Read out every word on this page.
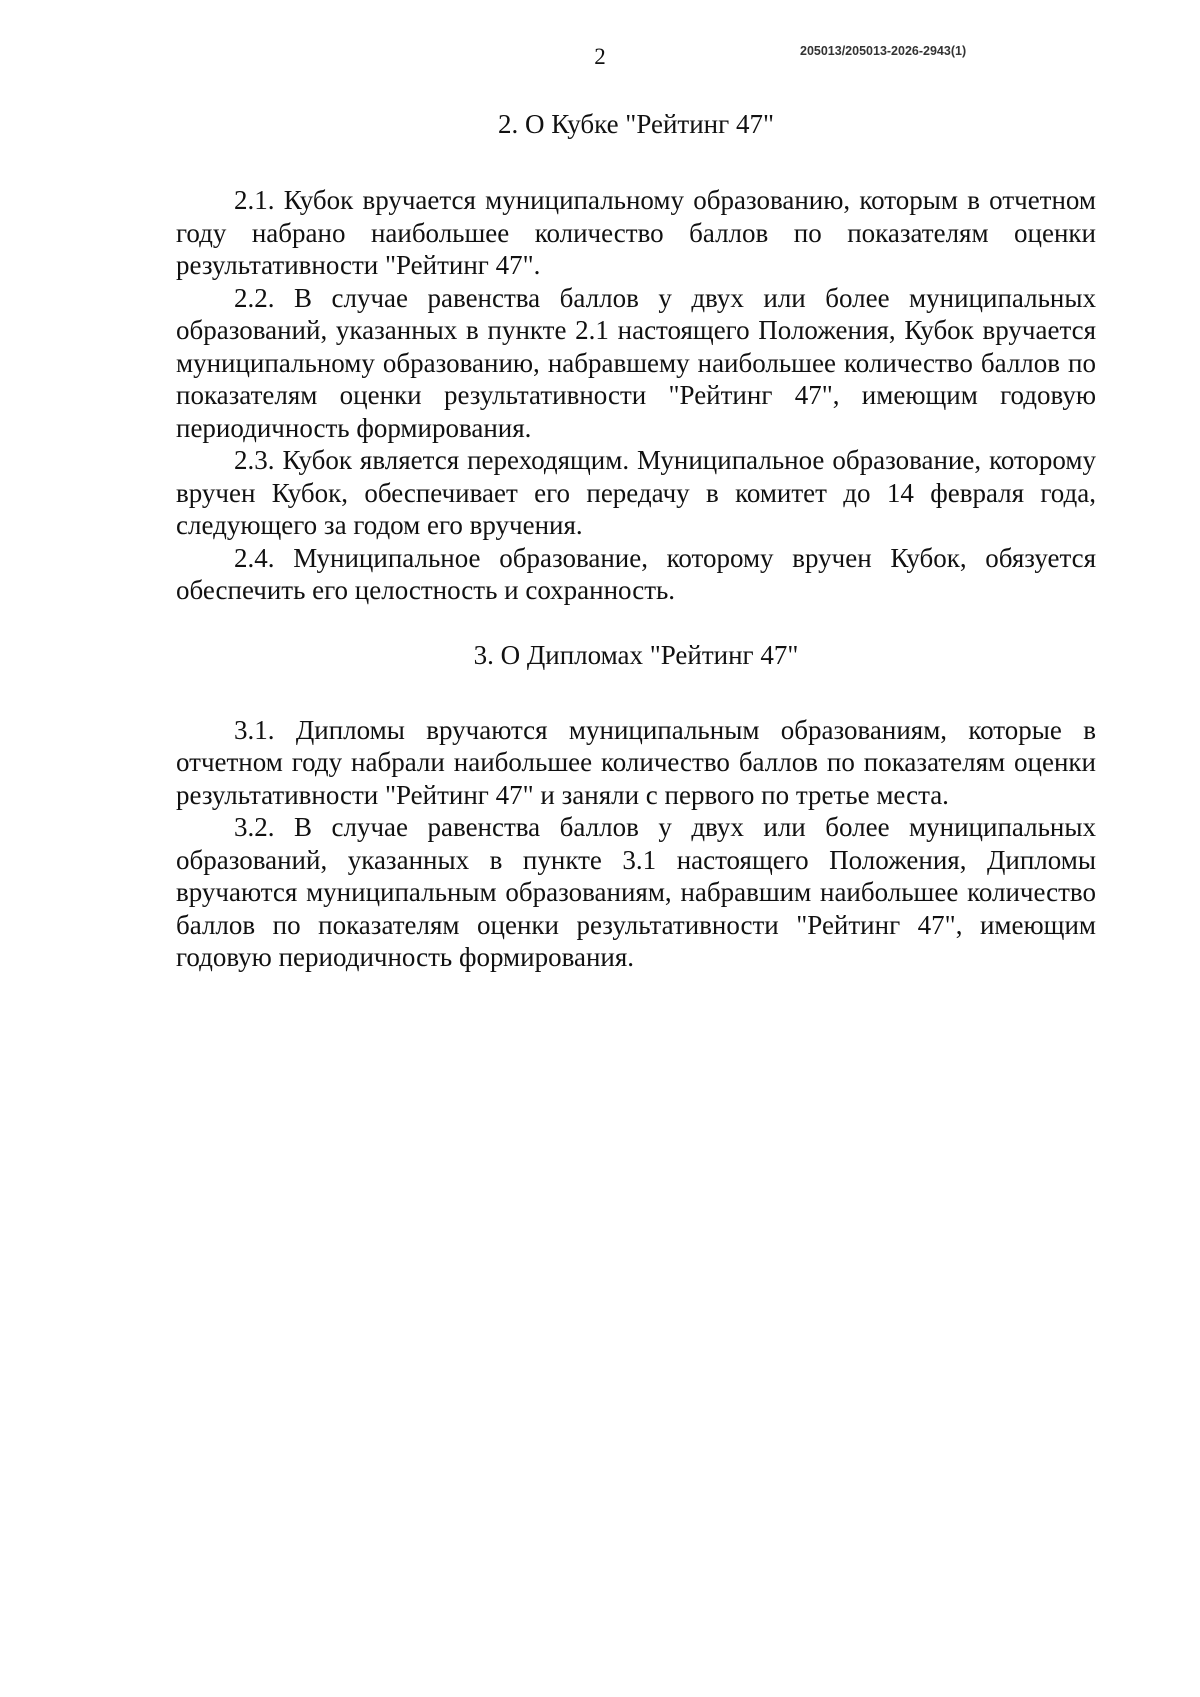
2	205013/205013-2026-2943(1)
2. О Кубке "Рейтинг 47"

2.1. Кубок вручается муниципальному образованию, которым в отчетном году набрано наибольшее количество баллов по показателям оценки результативности "Рейтинг 47".

2.2. В случае равенства баллов у двух или более муниципальных образований, указанных в пункте 2.1 настоящего Положения, Кубок вручается муниципальному образованию, набравшему наибольшее количество баллов по показателям оценки результативности "Рейтинг 47", имеющим годовую периодичность формирования.

2.3. Кубок является переходящим. Муниципальное образование, которому вручен Кубок, обеспечивает его передачу в комитет до 14 февраля года, следующего за годом его вручения.

2.4. Муниципальное образование, которому вручен Кубок, обязуется обеспечить его целостность и сохранность.

3. О Дипломах "Рейтинг 47"

3.1. Дипломы вручаются муниципальным образованиям, которые в отчетном году набрали наибольшее количество баллов по показателям оценки результативности "Рейтинг 47" и заняли с первого по третье места.

3.2. В случае равенства баллов у двух или более муниципальных образований, указанных в пункте 3.1 настоящего Положения, Дипломы вручаются муниципальным образованиям, набравшим наибольшее количество баллов по показателям оценки результативности "Рейтинг 47", имеющим годовую периодичность формирования.
